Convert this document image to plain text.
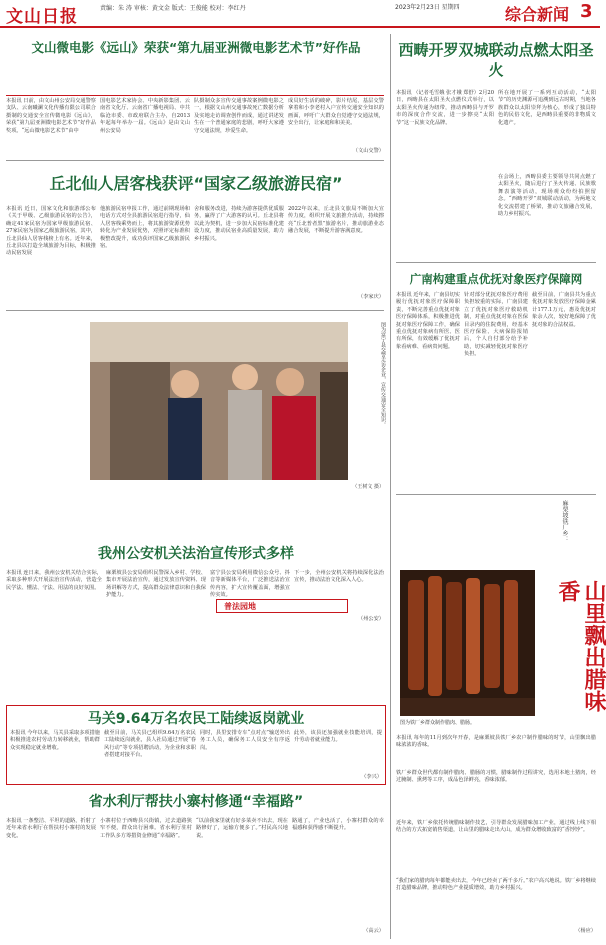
文山日报	责编：朱 涛 审核：黄文金 版式：王俊能 校对：李红丹	2023年2月23日 星期四	综合新闻 3
文山微电影《远山》荣获“第九届亚洲微电影艺术节”好作品
本报讯 日前，由文山州公安局交通警察支队、云南曦澜文化传播有限公司联合摄制的交通安全宣传微电影《远山》，荣获“第九届亚洲微电影艺术节”好作品奖项。“远山微电影艺术节”由中
国电影艺术家协会、中央新影集团、云南省文化厅、云南省广播电视局、中共临沧市委、市政府联合主办，自2013年起每年举办一届。《远山》是由文山州公安局
队摄制众多宣传交通事故案例微电影之一，根据文山州交通事故死亡数据分析及实地走访调查创作而成，通过讲述发生在一个普通家庭的悲剧，呼吁大家遵守交通法规，珍爱生命。
成员好生活的破碎，影片结尾，基层交警拿着和小李老村入户宣传交通安全知识的画面，呼吁广大群众自觉遵守交通法规，安全出行，让家庭和和美美。
（文山交警）
丘北仙人居客栈获评“国家乙级旅游民宿”
本报讯 近日，国家文化和旅游部公布《关于甲级、乙级旅游民宿的公告》，确定41家民宿为国家甲级旅游民宿、27家民宿为国家乙级旅游民宿，其中，丘北县仙人居客栈榜上有名。近年来，丘北县以打造全域旅游为目标，积极推动民宿发展
他旅游民宿申报工作，通过前期现场和电话方式对全县旅游民宿进行指导，仙人居客栈乘势而上，将其旅游资源优势转化为产业发展优势，对照评定标准积极整改提升，成功获评国家乙级旅游民宿。
舍和服务改进，持续为游客提供优质服务，赢得了广大游客的认可。丘北县将以此为契机，进一步加大民宿标准化建设力度，推动民宿业高质量发展，助力乡村振兴。
2022年以来，丘北县文旅局不断加大宣传力度，组织开展文旅推介活动，持续擦亮“丘北普者黑”旅游名片，推动旅游业态融合发展，不断提升游客满意度。
（李家庆）
图为富宁县交警走访企业，宣传交通安全知识。
（王树文 摄）
西畴开罗双城联动点燃太阳圣火
本报讯 （记者毛雪娥 张才娥 郑舒）2月20日，西畴县在太阳圣火点燃仪式举行，以太阳圣火传递为纽带，推动西畴县与开罗市的深度合作交流，进一步擦亮“太阳节”这一民族文化品牌。
所在地开展了一系列互动活动，“太阳节”的历史渊源可追溯到远古时期，当地各族群众以太阳崇拜为核心，形成了独具特色的民俗文化，是西畴县重要的非物质文化遗产。
在会场上，西畴县委主要领导共同点燃了太阳圣火，随后进行了圣火传递、民族歌舞表演等活动，现场观众纷纷拍照留念。“西畴开罗”双城联动活动，为两地文化交流搭建了桥梁，推动文旅融合发展，助力乡村振兴。
广南构建重点优抚对象医疗保障网
本报讯 近年来，广南县切实履行优抚对象医疗保障职责，不断完善重点优抚对象医疗保障体系，积极推进优抚对象医疗保障工作，确保重点优抚对象病有所医、医有所保，有效缓解了优抚对象看病难、看病贵问题。
针对部分优抚对象医疗费用负担较重的实际，广南县建立了优抚对象医疗救助机制，对重点优抚对象在医保目录内的住院费用，经基本医疗保险、大病保险报销后，个人自付部分给予补助，切实减轻优抚对象医疗负担。
截至目前，广南县共为重点优抚对象发放医疗保障金累计177.1万元，惠及优抚对象余人次，较好地保障了优抚对象的合法权益。
我州公安机关法治宣传形式多样
本报讯 连日来，我州公安机关结合实际，采取多种形式开展法治宣传活动，营造全民学法、懂法、守法、用法的良好氛围。
麻栗坡县公安局组织民警深入乡村、学校、集市开展法治宣传，通过发放宣传资料、现场讲解等方式，提高群众法律意识和自我保护能力。
富宁县公安局利用微信公众号、抖音等新媒体平台，广泛推送法治宣传内容，扩大宣传覆盖面，增强宣传实效。
下一步，全州公安机关将持续深化法治宣传，推动法治文化深入人心。
普法园地
（州公安）
马关9.64万名农民工陆续返岗就业
本报讯 今年以来，马关县采取多项措施积极推进农村劳动力转移就业，帮助群众实现稳定就业增收。
截至目前，马关县已组织9.64万名农民工陆续返岗就业，县人社局通过开展“春风行动”等专项招聘活动，为企业和求职者搭建对接平台。
同时，县里安排专车“点对点”输送外出务工人员，确保务工人员安全有序返岗。
此外，该县还加强就业技能培训，提升劳动者就业能力。
（李兴）
省水利厅帮扶小寨村修通“幸福路”
本报讯 一条整洁、平坦的道路，折射了近年来省水利厅在帮扶村小寨村的发展变化。
小寨村位于西畴县兴街镇，过去道路狭窄不便，群众出行困难。省水利厅驻村工作队多方筹措资金修通“幸福路”。
“以前我家里就有好多菜卖不出去，现在路修好了，运输方便多了。”村民高兴地说。
路通了，产业也活了，小寨村群众的幸福感和获得感不断提升。
（高云）
麻栗坡铁厂乡：
山里飘出腊味香
图为铁厂乡群众制作腊肉、腊肠。
本报讯 每年的11月到次年开春，是麻栗坡县铁厂乡农户制作腊味的时节，山里飘出腊味浓浓的香味。
铁厂乡群众世代都有制作腊肉、腊肠的习惯，腊味制作过程讲究，选用本地土猪肉，经过腌制、熏烤等工序，成品色泽鲜亮，香味浓郁。
近年来，铁厂乡依托传统腊味制作技艺，引导群众发展腊味加工产业，通过线上线下相结合的方式拓宽销售渠道，让山里的腊味走出大山，成为群众增收致富的“香饽饽”。
“我们家的腊肉每年都能卖出去，今年已经卖了两千多斤。”农户高兴地说。铁厂乡将继续打造腊味品牌，推动特色产业提质增效，助力乡村振兴。
（杨应）
